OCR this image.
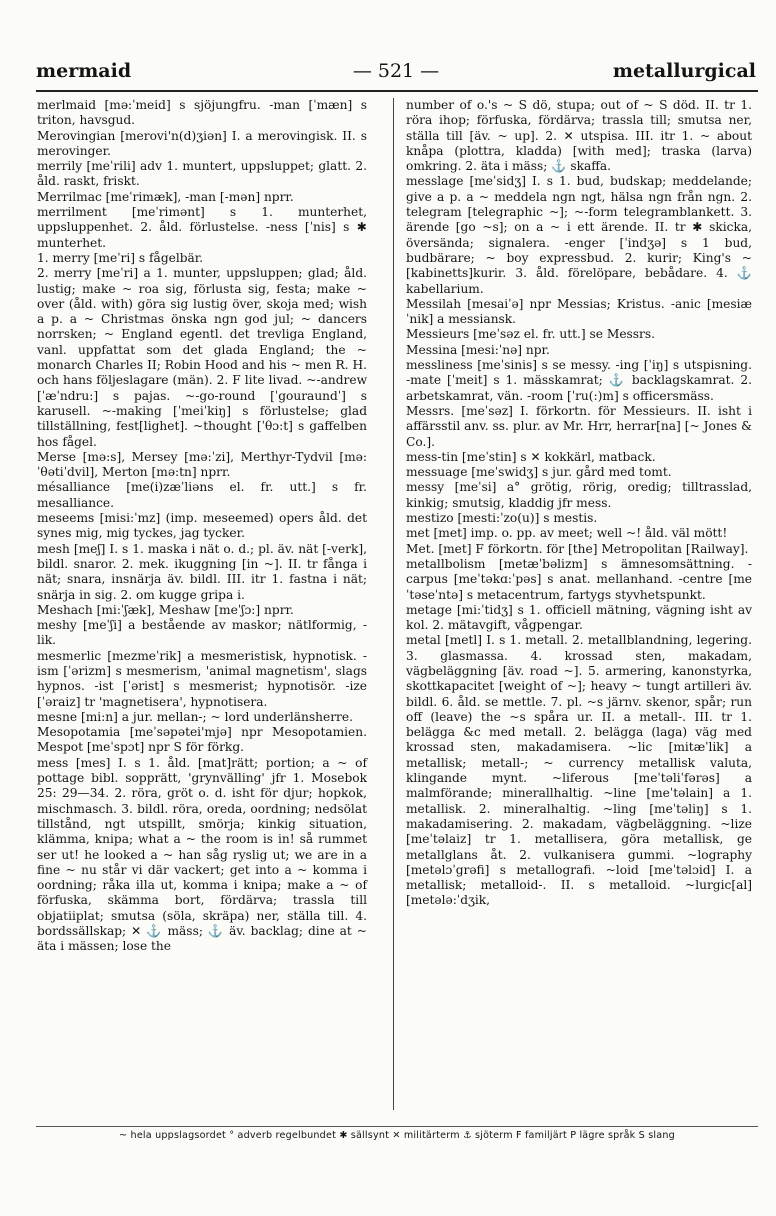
mermaid	— 521 —	metallurgical

merlmaid [mə:ˈmeid] s sjöjungfru. -man [ˈmæn] s triton, havsgud.

Merovingian [merovi'n(d)ʒiən] I. a merovingisk. II. s merovinger.

merrily [meˈrili] adv 1. muntert, uppsluppet; glatt. 2. åld. raskt, friskt.

Merrilmac [meˈrimæk], -man [-mən] nprr.

merrilment [meˈrimənt] s 1. munterhet, uppsluppenhet. 2. åld. förlustelse. -ness [ˈnis] s ✱ munterhet.

1. merry [meˈri] s fågelbär.

2. merry [meˈri] a 1. munter, uppsluppen; glad; åld. lustig; make ~ roa sig, förlusta sig, festa; make ~ over (åld. with) göra sig lustig över, skoja med; wish a p. a ~ Christmas önska ngn god jul; ~ dancers norrsken; ~ England egentl. det trevliga England, vanl. uppfattat som det glada England; the ~ monarch Charles II; Robin Hood and his ~ men R. H. och hans följeslagare (män). 2. F lite livad. ~-andrew [ˈæˈndru:] s pajas. ~-go-round [ˈgouraundˈ] s karusell. ~-making [ˈmeiˈkiŋ] s förlustelse; glad tillställning, fest[lighet]. ~thought [ˈθɔ:t] s gaffelben hos fågel.

Merse [mə:s], Mersey [mə:ˈzi], Merthyr-Tydvil [mə:ˈθətiˈdvil], Merton [mə:tn] nprr.

mésalliance [me(i)zæˈliəns el. fr. utt.] s fr. mesalliance.

meseems [misi:ˈmz] (imp. meseemed) opers åld. det synes mig, mig tyckes, jag tycker.

mesh [meʃ] I. s 1. maska i nät o. d.; pl. äv. nät [-verk], bildl. snaror. 2. mek. ikuggning [in ~]. II. tr fånga i nät; snara, insnärja äv. bildl. III. itr 1. fastna i nät; snärja in sig. 2. om kugge gripa i.

Meshach [mi:ˈʃæk], Meshaw [meˈʃɔ:] nprr.

meshy [meˈʃi] a bestående av maskor; nätlformig, -lik.

mesmerlic [mezmeˈrik] a mesmeristisk, hypnotisk. -ism [ˈərizm] s mesmerism, 'animal magnetism', slags hypnos. -ist [ˈərist] s mesmerist; hypnotisör. -ize [ˈəraiz] tr 'magnetisera', hypnotisera.

mesne [mi:n] a jur. mellan-; ~ lord underlänsherre.

Mesopotamia [meˈsəpətei'mjə] npr Mesopotamien. Mespot [meˈspɔt] npr S för förkg.

mess [mes] I. s 1. åld. [mat]rätt; portion; a ~ of pottage bibl. sopprätt, 'grynvälling' jfr 1. Mosebok 25: 29—34. 2. röra, gröt o. d. isht för djur; hopkok, mischmasch. 3. bildl. röra, oreda, oordning; nedsölat tillstånd, ngt utspillt, smörja; kinkig situation, klämma, knipa; what a ~ the room is in! så rummet ser ut! he looked a ~ han såg ryslig ut; we are in a fine ~ nu står vi där vackert; get into a ~ komma i oordning; råka illa ut, komma i knipa; make a ~ of förfuska, skämma bort, fördärva; trassla till objatiiplat; smutsa (söla, skräpa) ner, ställa till. 4. bordssällskap; ✕ ⚓ mäss; ⚓ äv. backlag; dine at ~ äta i mässen; lose the

number of o.'s ~ S dö, stupa; out of ~ S död. II. tr 1. röra ihop; förfuska, fördärva; trassla till; smutsa ner, ställa till [äv. ~ up]. 2. ✕ utspisa. III. itr 1. ~ about knåpa (plottra, kladda) [with med]; traska (larva) omkring. 2. äta i mäss; ⚓ skaffa.

messlage [meˈsidʒ] I. s 1. bud, budskap; meddelande; give a p. a ~ meddela ngn ngt, hälsa ngn från ngn. 2. telegram [telegraphic ~]; ~-form telegramblankett. 3. ärende [go ~s]; on a ~ i ett ärende. II. tr ✱ skicka, översända; signalera. -enger [ˈindʒə] s 1 bud, budbärare; ~ boy expressbud. 2. kurir; King's ~ [kabinetts]kurir. 3. åld. förelöpare, bebådare. 4. ⚓ kabellarium.

Messilah [mesaiˈə] npr Messias; Kristus. -anic [mesiæˈnik] a messiansk.

Messieurs [meˈsəz el. fr. utt.] se Messrs.

Messina [mesi:ˈnə] npr.

messliness [meˈsinis] s se messy. -ing [ˈiŋ] s utspisning. -mate [ˈmeit] s 1. mässkamrat; ⚓ backlagskamrat. 2. arbetskamrat, vän. -room [ˈru(:)m] s officersmäss.

Messrs. [meˈsəz] I. förkortn. för Messieurs. II. isht i affärsstil anv. ss. plur. av Mr. Hrr, herrar[na] [~ Jones & Co.].

mess-tin [meˈstin] s ✕ kokkärl, matback.

messuage [meˈswidʒ] s jur. gård med tomt.

messy [meˈsi] a° grötig, rörig, oredig; tilltrasslad, kinkig; smutsig, kladdig jfr mess.

mestizo [mesti:ˈzo(u)] s mestis.

met [met] imp. o. pp. av meet; well ~! åld. väl mött!

Met. [met] F förkortn. för [the] Metropolitan [Railway].

metallbolism [metæˈbəlizm] s ämnesomsättning. -carpus [meˈtəkɑ:ˈpəs] s anat. mellanhand. -centre [meˈtəseˈntə] s metacentrum, fartygs styvhetspunkt.

metage [mi:ˈtidʒ] s 1. officiell mätning, vägning isht av kol. 2. mätavgift, vågpengar.

metal [metl] I. s 1. metall. 2. metallblandning, legering. 3. glasmassa. 4. krossad sten, makadam, vägbeläggning [äv. road ~]. 5. armering, kanonstyrka, skottkapacitet [weight of ~]; heavy ~ tungt artilleri äv. bildl. 6. åld. se mettle. 7. pl. ~s järnv. skenor, spår; run off (leave) the ~s spåra ur. II. a metall-. III. tr 1. belägga &c med metall. 2. belägga (laga) väg med krossad sten, makadamisera. ~lic [mitæˈlik] a metallisk; metall-; ~ currency metallisk valuta, klingande mynt. ~liferous [meˈtəliˈfərəs] a malmförande; minerallhaltig. ~line [meˈtəlain] a 1. metallisk. 2. mineralhaltig. ~ling [meˈtəliŋ] s 1. makadamisering. 2. makadam, vägbeläggning. ~lize [meˈtəlaiz] tr 1. metallisera, göra metallisk, ge metallglans åt. 2. vulkanisera gummi. ~lography [metəlɔˈgrəfi] s metallografi. ~loid [meˈtəlɔid] I. a metallisk; metalloid-. II. s metalloid. ~lurgic[al] [metələ:ˈdʒik,

~ hela uppslagsordet ° adverb regelbundet ✱ sällsynt ✕ militärterm ⚓ sjöterm F familjärt P lägre språk S slang
